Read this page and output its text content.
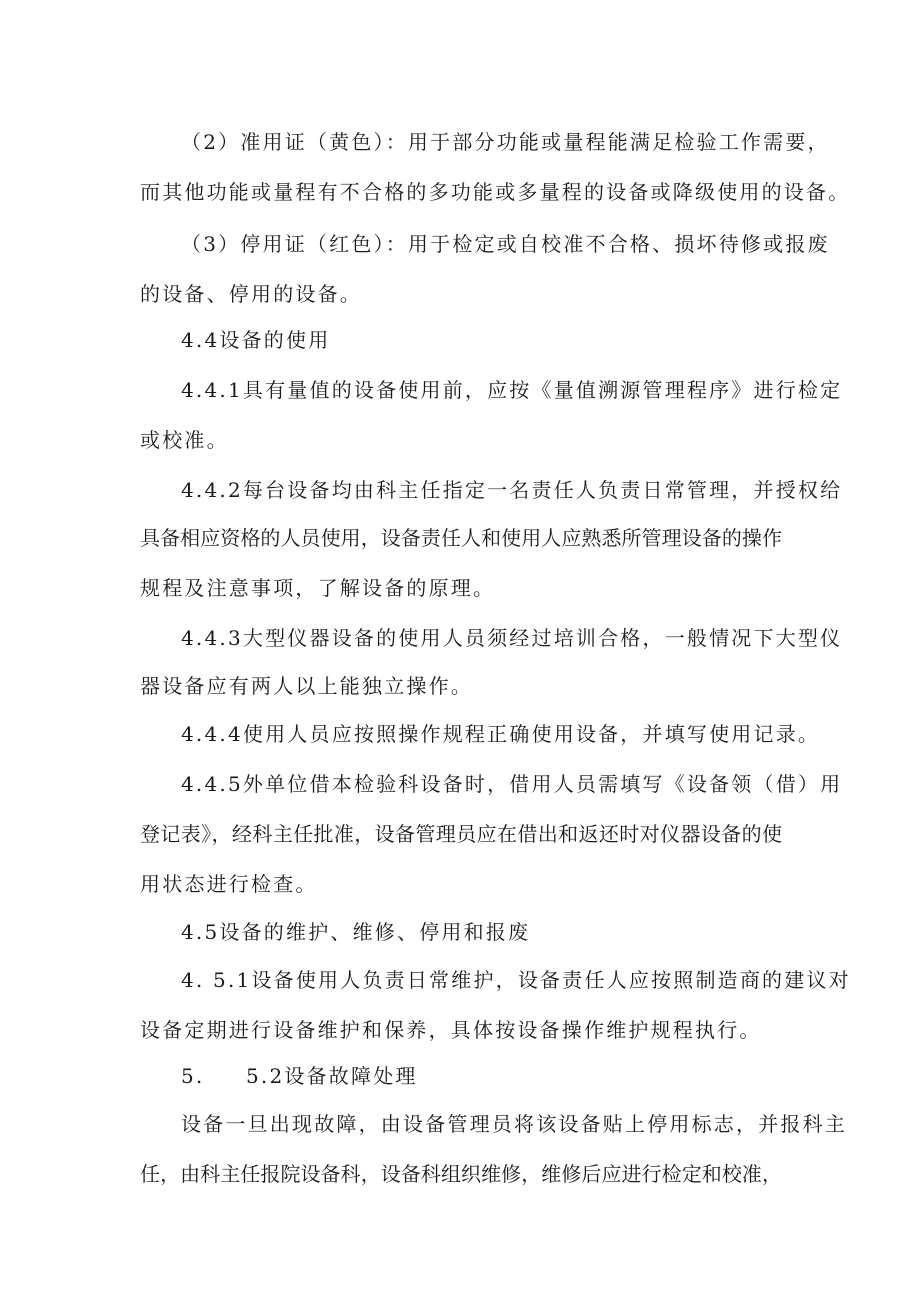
（2）准用证（黄色）：用于部分功能或量程能满足检验工作需要，
而其他功能或量程有不合格的多功能或多量程的设备或降级使用的设备。
（3）停用证（红色）：用于检定或自校准不合格、损坏待修或报废
的设备、停用的设备。
4.4设备的使用
4.4.1具有量值的设备使用前，应按《量值溯源管理程序》进行检定
或校准。
4.4.2每台设备均由科主任指定一名责任人负责日常管理，并授权给
具备相应资格的人员使用，设备责任人和使用人应熟悉所管理设备的操作
规程及注意事项，了解设备的原理。
4.4.3大型仪器设备的使用人员须经过培训合格，一般情况下大型仪
器设备应有两人以上能独立操作。
4.4.4使用人员应按照操作规程正确使用设备，并填写使用记录。
4.4.5外单位借本检验科设备时，借用人员需填写《设备领（借）用
登记表》，经科主任批准，设备管理员应在借出和返还时对仪器设备的使
用状态进行检查。
4.5设备的维护、维修、停用和报废
4. 5.1设备使用人负责日常维护，设备责任人应按照制造商的建议对
设备定期进行设备维护和保养，具体按设备操作维护规程执行。
5. 5.2设备故障处理
设备一旦出现故障，由设备管理员将该设备贴上停用标志，并报科主
任，由科主任报院设备科，设备科组织维修，维修后应进行检定和校准，
